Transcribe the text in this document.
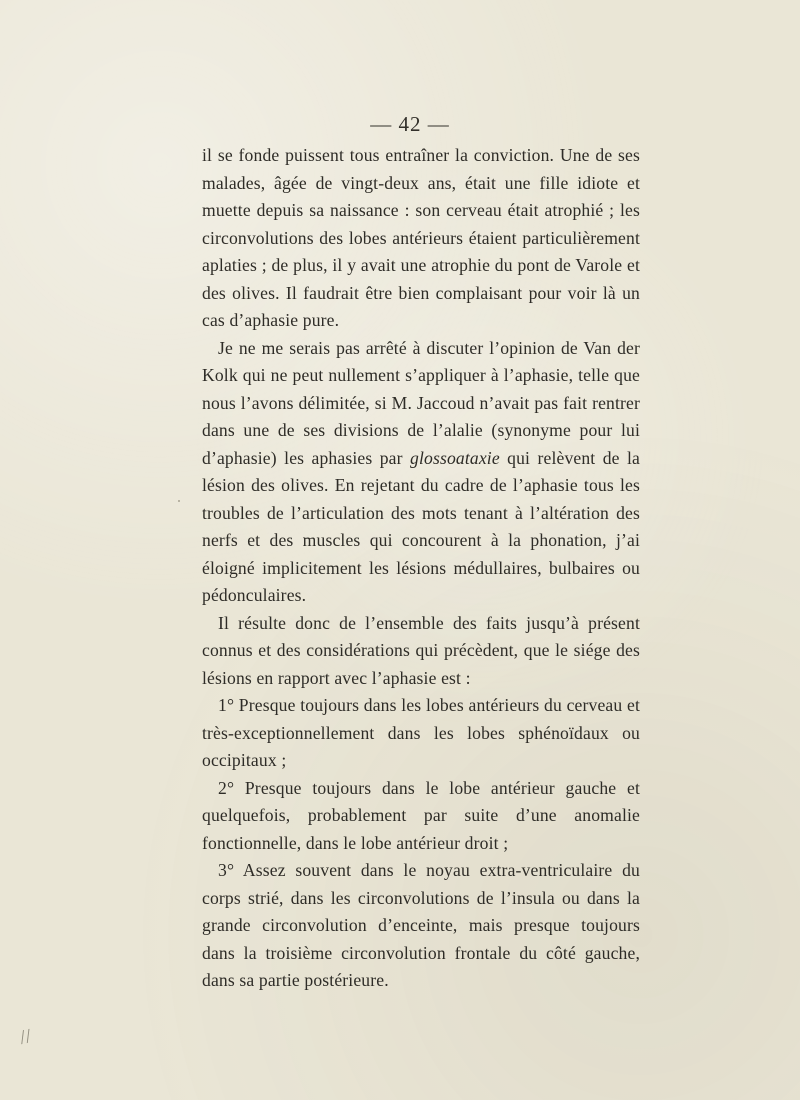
— 42 —

il se fonde puissent tous entraîner la conviction. Une de ses malades, âgée de vingt-deux ans, était une fille idiote et muette depuis sa naissance : son cerveau était atrophié ; les circonvolutions des lobes antérieurs étaient particulièrement aplaties ; de plus, il y avait une atrophie du pont de Varole et des olives. Il faudrait être bien complaisant pour voir là un cas d’aphasie pure.

Je ne me serais pas arrêté à discuter l’opinion de Van der Kolk qui ne peut nullement s’appliquer à l’aphasie, telle que nous l’avons délimitée, si M. Jaccoud n’avait pas fait rentrer dans une de ses divisions de l’alalie (synonyme pour lui d’aphasie) les aphasies par glossoataxie qui relèvent de la lésion des olives. En rejetant du cadre de l’aphasie tous les troubles de l’articulation des mots tenant à l’altération des nerfs et des muscles qui concourent à la phonation, j’ai éloigné implicitement les lésions médullaires, bulbaires ou pédonculaires.

Il résulte donc de l’ensemble des faits jusqu’à présent connus et des considérations qui précèdent, que le siége des lésions en rapport avec l’aphasie est :

1° Presque toujours dans les lobes antérieurs du cerveau et très-exceptionnellement dans les lobes sphénoïdaux ou occipitaux ;

2° Presque toujours dans le lobe antérieur gauche et quelquefois, probablement par suite d’une anomalie fonctionnelle, dans le lobe antérieur droit ;

3° Assez souvent dans le noyau extra-ventriculaire du corps strié, dans les circonvolutions de l’insula ou dans la grande circonvolution d’enceinte, mais presque toujours dans la troisième circonvolution frontale du côté gauche, dans sa partie postérieure.

//
